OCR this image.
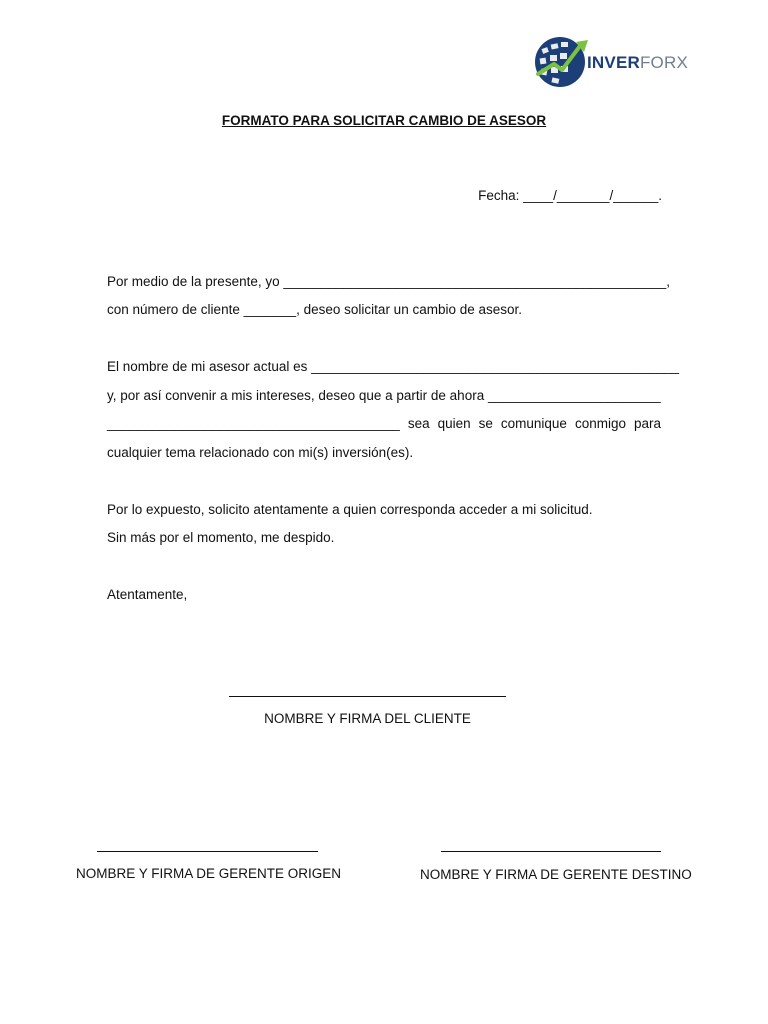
INVERFORX
FORMATO PARA SOLICITAR CAMBIO DE ASESOR
Fecha: ____/_______/______.
Por medio de la presente, yo ___________________________________________________,
con número de cliente _______, deseo solicitar un cambio de asesor.
El nombre de mi asesor actual es _________________________________________________
y, por así convenir a mis intereses, deseo que a partir de ahora _______________________
_______________________________________ sea quien se comunique conmigo para
cualquier tema relacionado con mi(s) inversión(es).
Por lo expuesto, solicito atentamente a quien corresponda acceder a mi solicitud.
Sin más por el momento, me despido.
Atentamente,
NOMBRE Y FIRMA DEL CLIENTE
NOMBRE Y FIRMA DE GERENTE ORIGEN	NOMBRE Y FIRMA DE GERENTE DESTINO
